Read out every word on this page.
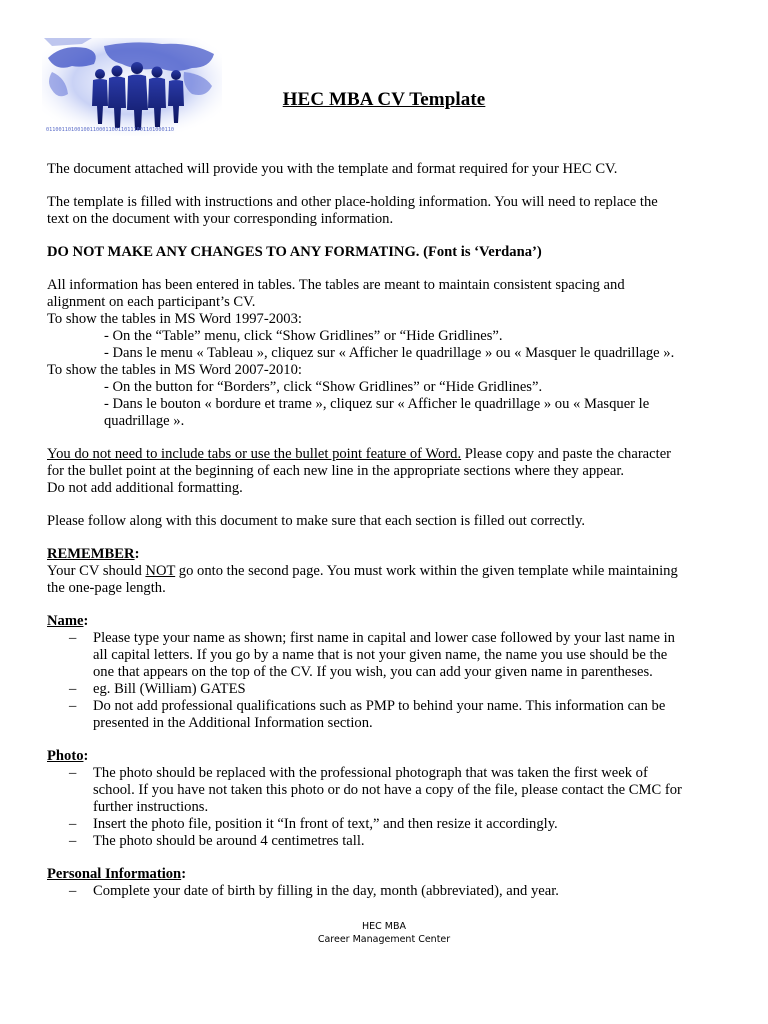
01100110100100110001100110111001101000110
HEC MBA CV Template

The document attached will provide you with the template and format required for your HEC CV.

The template is filled with instructions and other place-holding information. You will need to replace the

text on the document with your corresponding information.

DO NOT MAKE ANY CHANGES TO ANY FORMATING. (Font is ‘Verdana’)

All information has been entered in tables. The tables are meant to maintain consistent spacing and

alignment on each participant’s CV.

To show the tables in MS Word 1997-2003:

- On the “Table” menu, click “Show Gridlines” or “Hide Gridlines”.

- Dans le menu « Tableau », cliquez sur « Afficher le quadrillage » ou « Masquer le quadrillage ».

To show the tables in MS Word 2007-2010:

- On the button for “Borders”, click “Show Gridlines” or “Hide Gridlines”.

- Dans le bouton « bordure et trame », cliquez sur « Afficher le quadrillage » ou « Masquer le

quadrillage ».

You do not need to include tabs or use the bullet point feature of Word. Please copy and paste the character

for the bullet point at the beginning of each new line in the appropriate sections where they appear.

Do not add additional formatting.

Please follow along with this document to make sure that each section is filled out correctly.

REMEMBER:

Your CV should NOT go onto the second page. You must work within the given template while maintaining

the one-page length.

Name:

– Please type your name as shown; first name in capital and lower case followed by your last name in
all capital letters. If you go by a name that is not your given name, the name you use should be the
one that appears on the top of the CV. If you wish, you can add your given name in parentheses.
– eg. Bill (William) GATES
– Do not add professional qualifications such as PMP to behind your name. This information can be
presented in the Additional Information section.

Photo:

– The photo should be replaced with the professional photograph that was taken the first week of
school. If you have not taken this photo or do not have a copy of the file, please contact the CMC for
further instructions.
– Insert the photo file, position it “In front of text,” and then resize it accordingly.
– The photo should be around 4 centimetres tall.

Personal Information:

– Complete your date of birth by filling in the day, month (abbreviated), and year.
HEC MBA
Career Management Center
